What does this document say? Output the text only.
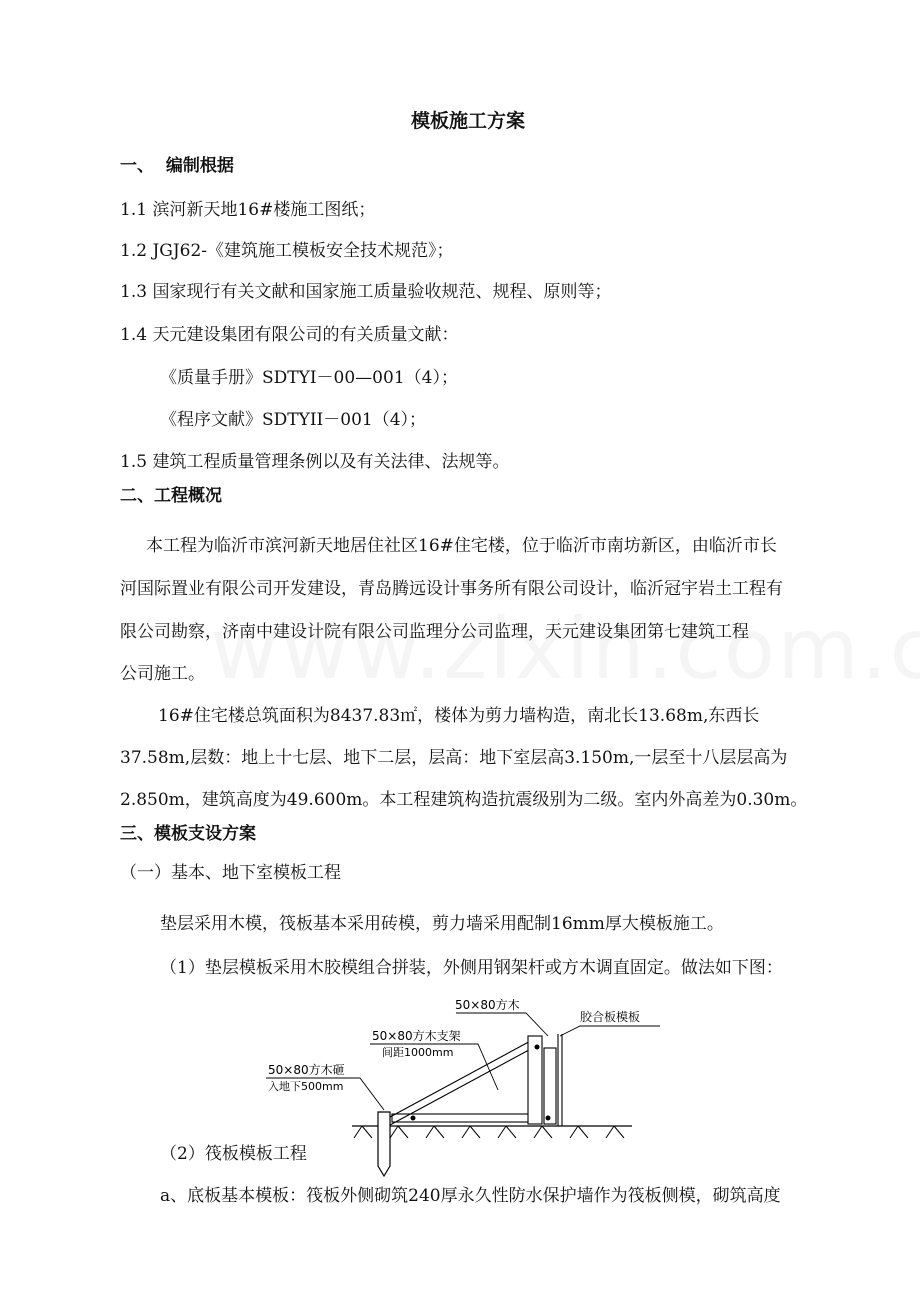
模板施工方案
一、  编制根据
1.1 滨河新天地16#楼施工图纸；
1.2 JGJ62-《建筑施工模板安全技术规范》；
1.3 国家现行有关文献和国家施工质量验收规范、规程、原则等；
1.4 天元建设集团有限公司的有关质量文献：
《质量手册》SDTYI－00—001（4）；
《程序文献》SDTYII－001（4）；
1.5 建筑工程质量管理条例以及有关法律、法规等。
二、工程概况
本工程为临沂市滨河新天地居住社区16#住宅楼，位于临沂市南坊新区，由临沂市长
河国际置业有限公司开发建设，青岛腾远设计事务所有限公司设计，临沂冠宇岩土工程有
限公司勘察，济南中建设计院有限公司监理分公司监理，天元建设集团第七建筑工程
公司施工。
16#住宅楼总筑面积为8437.83㎡，楼体为剪力墙构造，南北长13.68m,东西长
37.58m,层数：地上十七层、地下二层，层高：地下室层高3.150m,一层至十八层层高为
2.850m，建筑高度为49.600m。本工程建筑构造抗震级别为二级。室内外高差为0.30m。
三、模板支设方案
（一）基本、地下室模板工程
垫层采用木模，筏板基本采用砖模，剪力墙采用配制16mm厚大模板施工。
（1）垫层模板采用木胶模组合拼装，外侧用钢架杆或方木调直固定。做法如下图：
50×80方木
胶合板模板
50×80方木支架
间距1000mm
50×80方木砸
入地下500mm
（2）筏板模板工程
a、底板基本模板：筏板外侧砌筑240厚永久性防水保护墙作为筏板侧模，砌筑高度
